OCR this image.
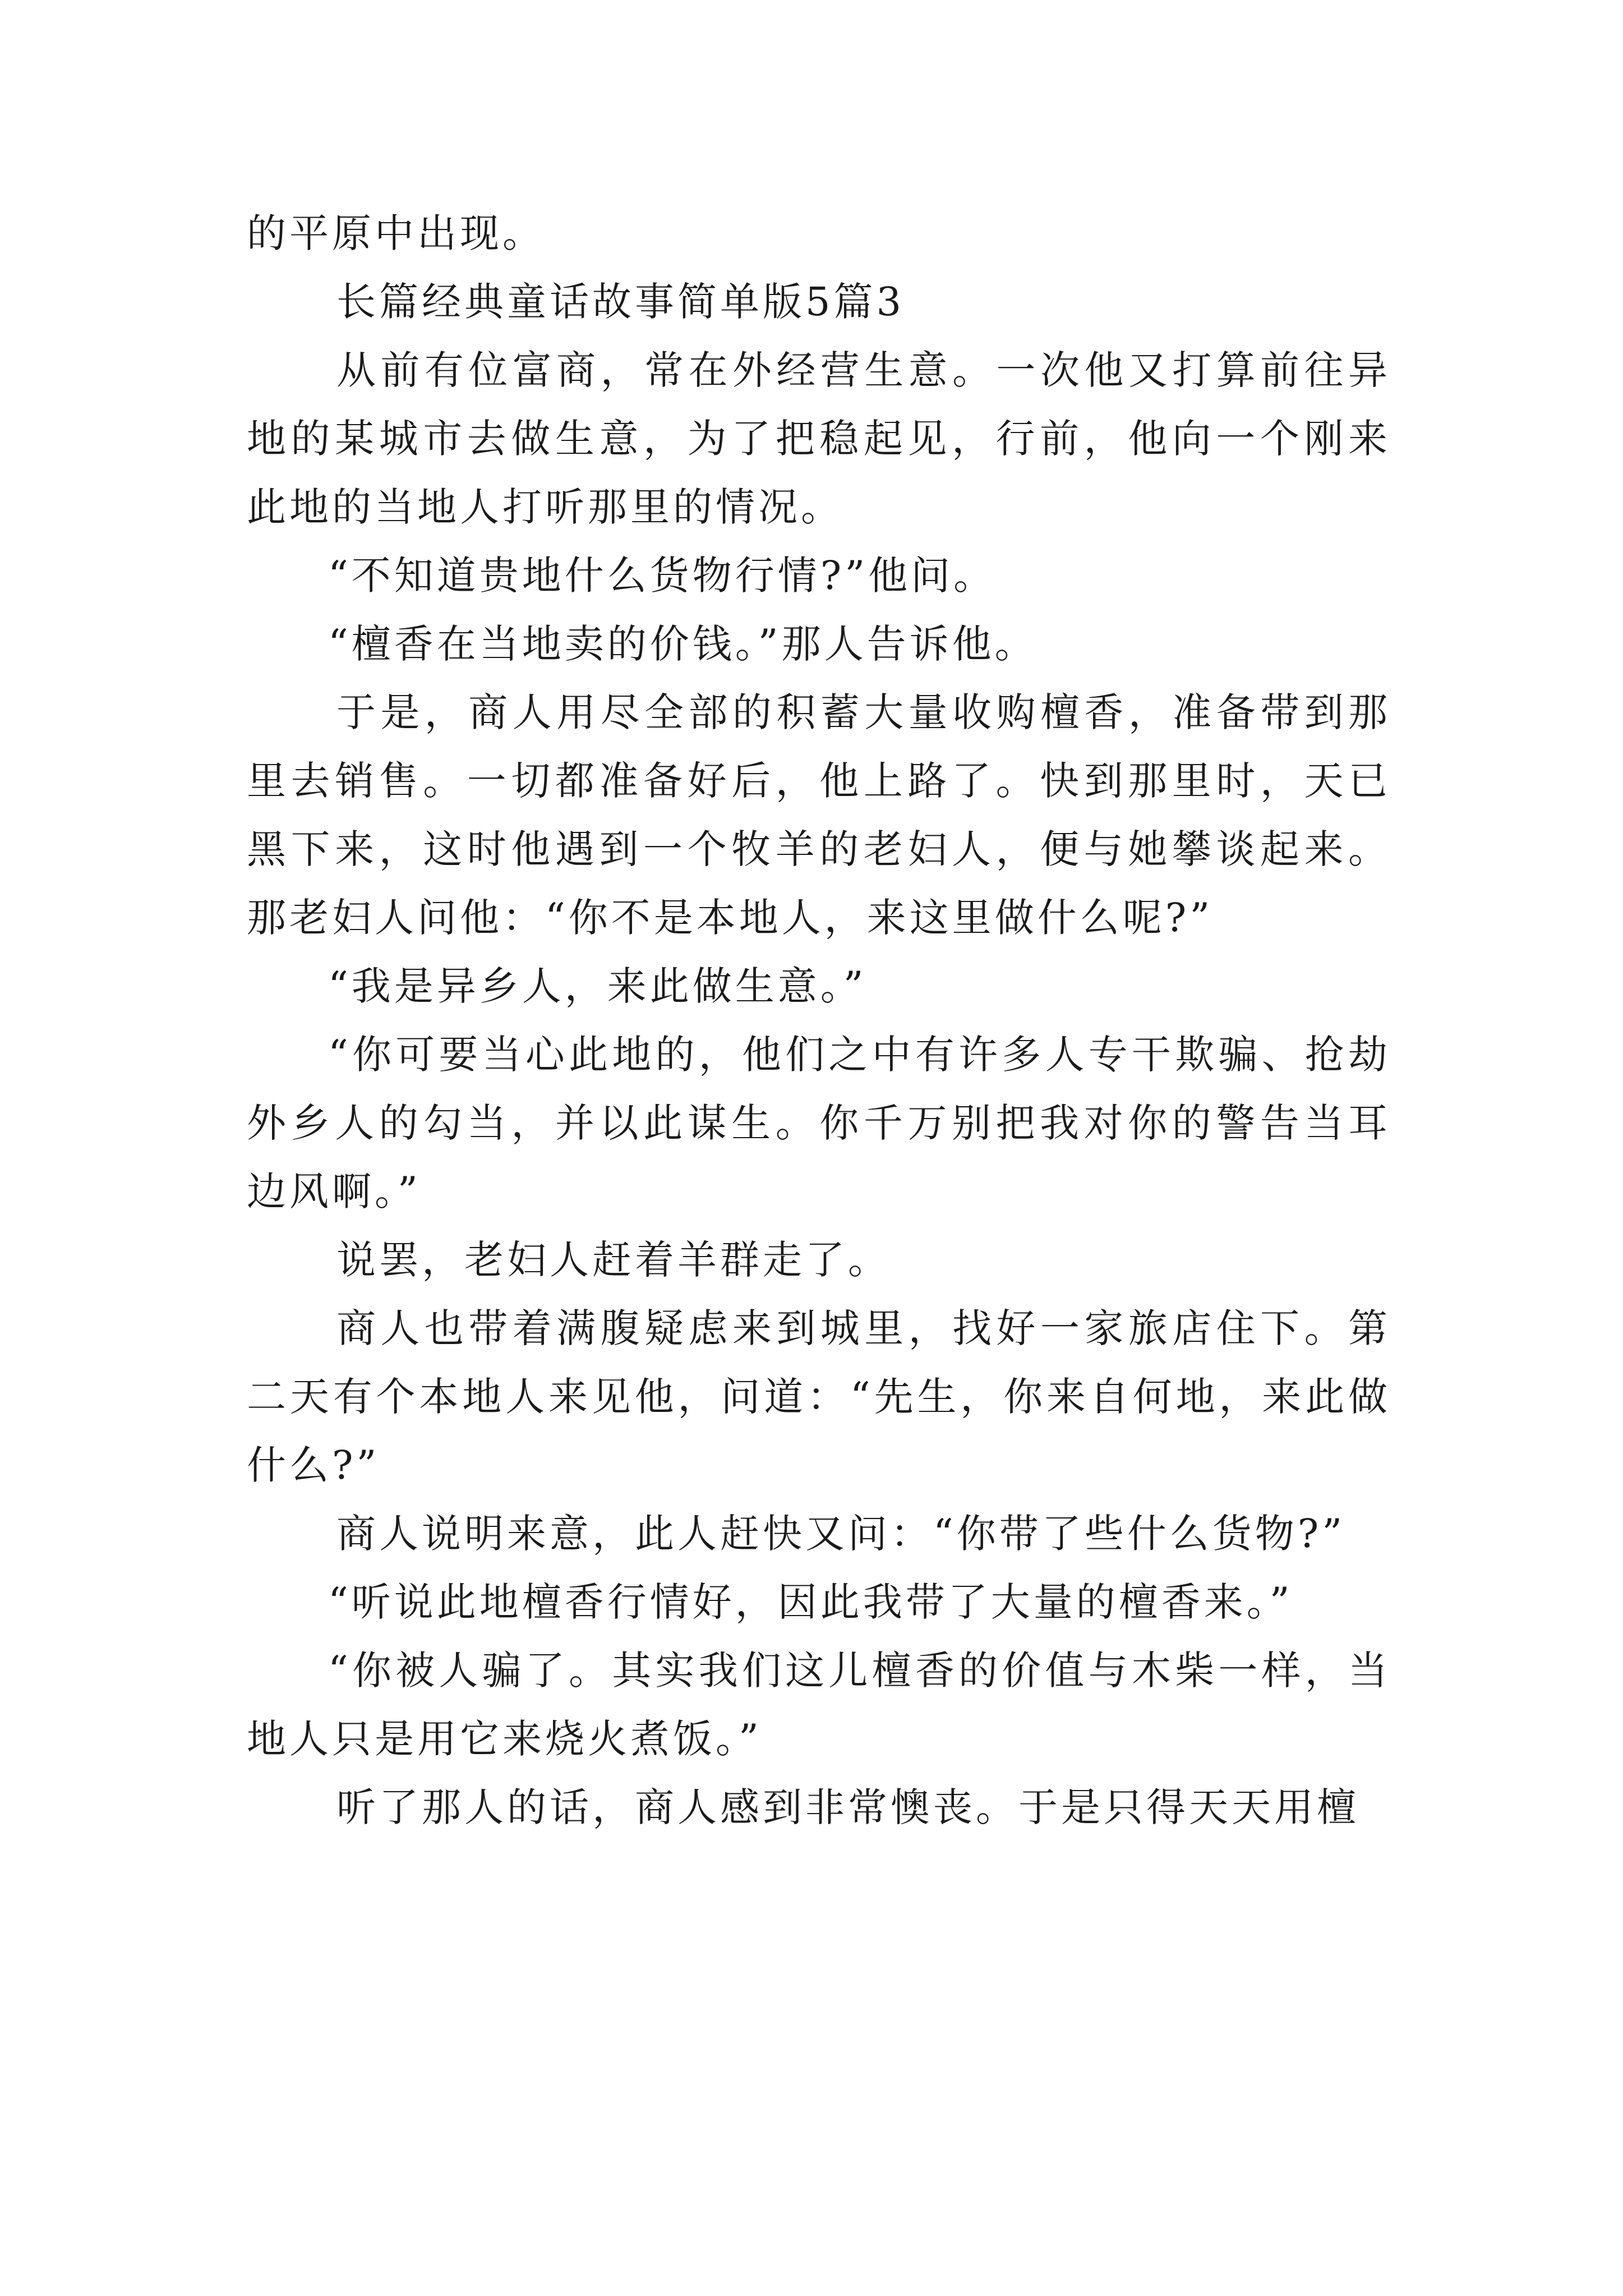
的平原中出现。

长篇经典童话故事简单版5篇3

从前有位富商，常在外经营生意。一次他又打算前往异地的某城市去做生意，为了把稳起见，行前，他向一个刚来此地的当地人打听那里的情况。

“不知道贵地什么货物行情?”他问。

“檀香在当地卖的价钱。”那人告诉他。

于是，商人用尽全部的积蓄大量收购檀香，准备带到那里去销售。一切都准备好后，他上路了。快到那里时，天已黑下来，这时他遇到一个牧羊的老妇人，便与她攀谈起来。那老妇人问他：“你不是本地人，来这里做什么呢?”

“我是异乡人，来此做生意。”

“你可要当心此地的，他们之中有许多人专干欺骗、抢劫外乡人的勾当，并以此谋生。你千万别把我对你的警告当耳边风啊。”

说罢，老妇人赶着羊群走了。

商人也带着满腹疑虑来到城里，找好一家旅店住下。第二天有个本地人来见他，问道：“先生，你来自何地，来此做什么?”

商人说明来意，此人赶快又问：“你带了些什么货物?”

“听说此地檀香行情好，因此我带了大量的檀香来。”

“你被人骗了。其实我们这儿檀香的价值与木柴一样，当地人只是用它来烧火煮饭。”

听了那人的话，商人感到非常懊丧。于是只得天天用檀
